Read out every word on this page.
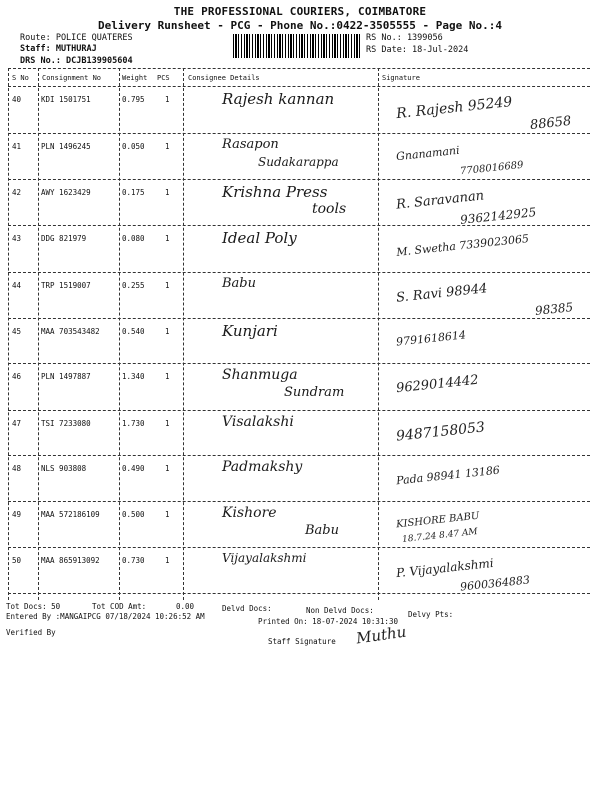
THE PROFESSIONAL COURIERS, COIMBATORE
Delivery Runsheet - PCG - Phone No.:0422-3505555 - Page No.:4
Route: POLICE QUATERES
Staff: MUTHURAJ
DRS No.: DCJB139905604
RS No.: 1399056
RS Date: 18-Jul-2024
S No Consignment No	Weight PCS	Consignee Details	Signature
40	KDI 1501751	0.795	1	Rajesh kannan	R. Rajesh 95249
88658
41	PLN 1496245	0.050	1	Rasapon
Sudakarappa	Gnanamani
7708016689
42	AWY 1623429	0.175	1	Krishna Press
tools	R. Saravanan
9362142925
43	DDG 821979	0.080	1	Ideal Poly	M. Swetha 7339023065
44	TRP 1519007	0.255	1	Babu	S. Ravi 98944
98385
45	MAA 703543482	0.540	1	Kunjari	9791618614
46	PLN 1497887	1.340	1	Shanmuga
Sundram	9629014442
47	TSI 7233080	1.730	1	Visalakshi	9487158053
48	NLS 903808	0.490	1	Padmakshy	Pada 98941 13186
49	MAA 572186109	0.500	1	Kishore
Babu
KISHORE BABU
18.7.24 8.47 AM
50	MAA 865913092	0.730	1	Vijayalakshmi	P. Vijayalakshmi
9600364883
Tot Docs: 50	Tot COD Amt:	0.00	Delvd Docs:	Non Delvd Docs:	Delvy Pts:
Entered By :MANGAIPCG 07/18/2024 10:26:52 AM
Printed On: 18-07-2024 10:31:30
Verified By
Staff Signature Muthu
